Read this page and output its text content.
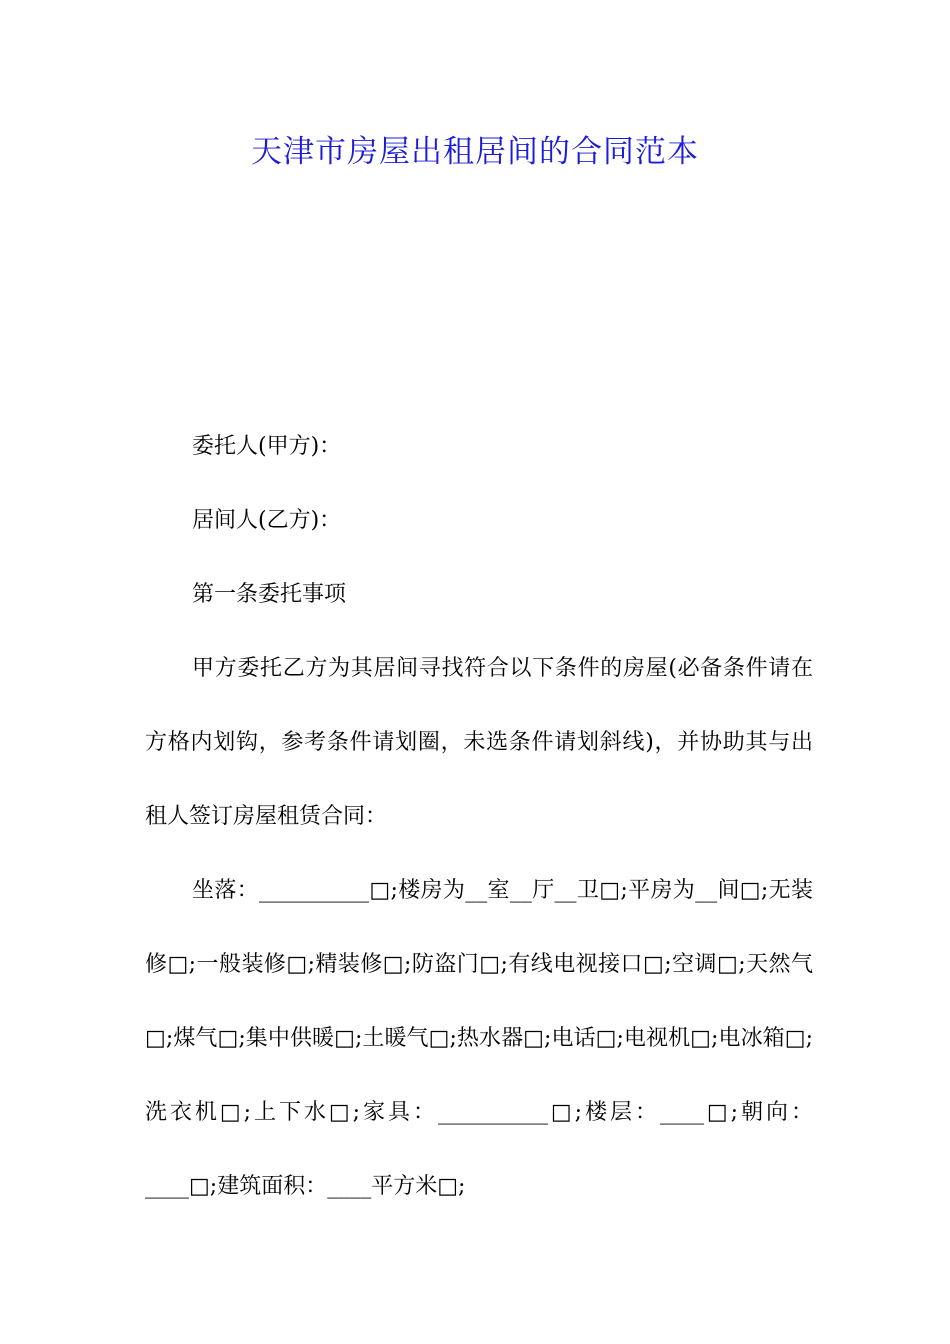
天津市房屋出租居间的合同范本

委托人(甲方)：

居间人(乙方)：

第一条委托事项

甲方委托乙方为其居间寻找符合以下条件的房屋(必备条件请在方格内划钩，参考条件请划圈，未选条件请划斜线)，并协助其与出租人签订房屋租赁合同：

坐落：__________□;楼房为__室__厅__卫□;平房为__间□;无装修□;一般装修□;精装修□;防盗门□;有线电视接口□;空调□;天然气□;煤气□;集中供暖□;土暖气□;热水器□;电话□;电视机□;电冰箱□;洗衣机□;上下水□;家具：__________□;楼层：____□;朝向：____□;建筑面积：____平方米□;
